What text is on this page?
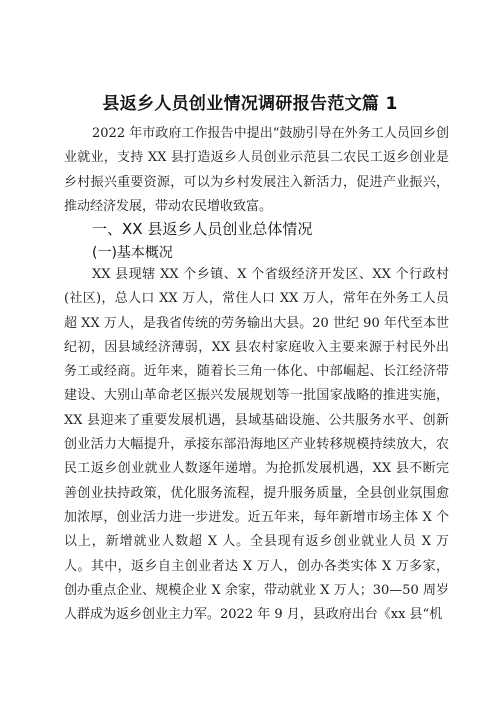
县返乡人员创业情况调研报告范文篇 1
2022 年市政府工作报告中提出“鼓励引导在外务工人员回乡创业就业，支持 XX 县打造返乡人员创业示范县二农民工返乡创业是乡村振兴重要资源，可以为乡村发展注入新活力，促进产业振兴，推动经济发展，带动农民增收致富。
一、XX 县返乡人员创业总体情况
(一)基本概况
XX 县现辖 XX 个乡镇、X 个省级经济开发区、XX 个行政村(社区)，总人口 XX 万人，常住人口 XX 万人，常年在外务工人员超 XX 万人，是我省传统的劳务输出大县。20 世纪 90 年代至本世纪初，因县域经济薄弱，XX 县农村家庭收入主要来源于村民外出务工或经商。近年来，随着长三角一体化、中部崛起、长江经济带建设、大别山革命老区振兴发展规划等一批国家战略的推进实施，XX 县迎来了重要发展机遇，县域基础设施、公共服务水平、创新创业活力大幅提升，承接东部沿海地区产业转移规模持续放大，农民工返乡创业就业人数逐年递增。为抢抓发展机遇，XX 县不断完善创业扶持政策，优化服务流程，提升服务质量，全县创业氛围愈加浓厚，创业活力进一步迸发。近五年来，每年新增市场主体 X 个以上，新增就业人数超 X 人。全县现有返乡创业就业人员 X 万人。其中，返乡自主创业者达 X 万人，创办各类实体 X 万多家，创办重点企业、规模企业 X 余家，带动就业 X 万人；30—50 周岁人群成为返乡创业主力军。2022 年 9 月，县政府出台《xx 县“机
